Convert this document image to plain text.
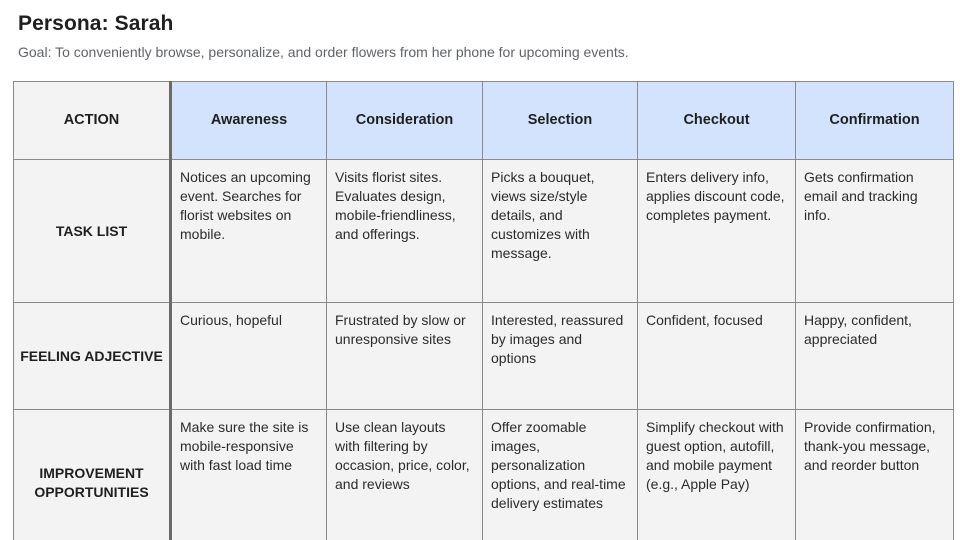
Persona: Sarah
Goal: To conveniently browse, personalize, and order flowers from her phone for upcoming events.
ACTION	Awareness	Consideration	Selection	Checkout	Confirmation
TASK LIST	Notices an upcoming event. Searches for florist websites on mobile.	Visits florist sites. Evaluates design, mobile-friendliness, and offerings.	Picks a bouquet, views size/style details, and customizes with message.	Enters delivery info, applies discount code, completes payment.	Gets confirmation email and tracking info.
FEELING ADJECTIVE	Curious, hopeful	Frustrated by slow or unresponsive sites	Interested, reassured by images and options	Confident, focused	Happy, confident, appreciated
IMPROVEMENT OPPORTUNITIES	Make sure the site is mobile-responsive with fast load time	Use clean layouts with filtering by occasion, price, color, and reviews	Offer zoomable images, personalization options, and real-time delivery estimates	Simplify checkout with guest option, autofill, and mobile payment (e.g., Apple Pay)	Provide confirmation, thank-you message, and reorder button
